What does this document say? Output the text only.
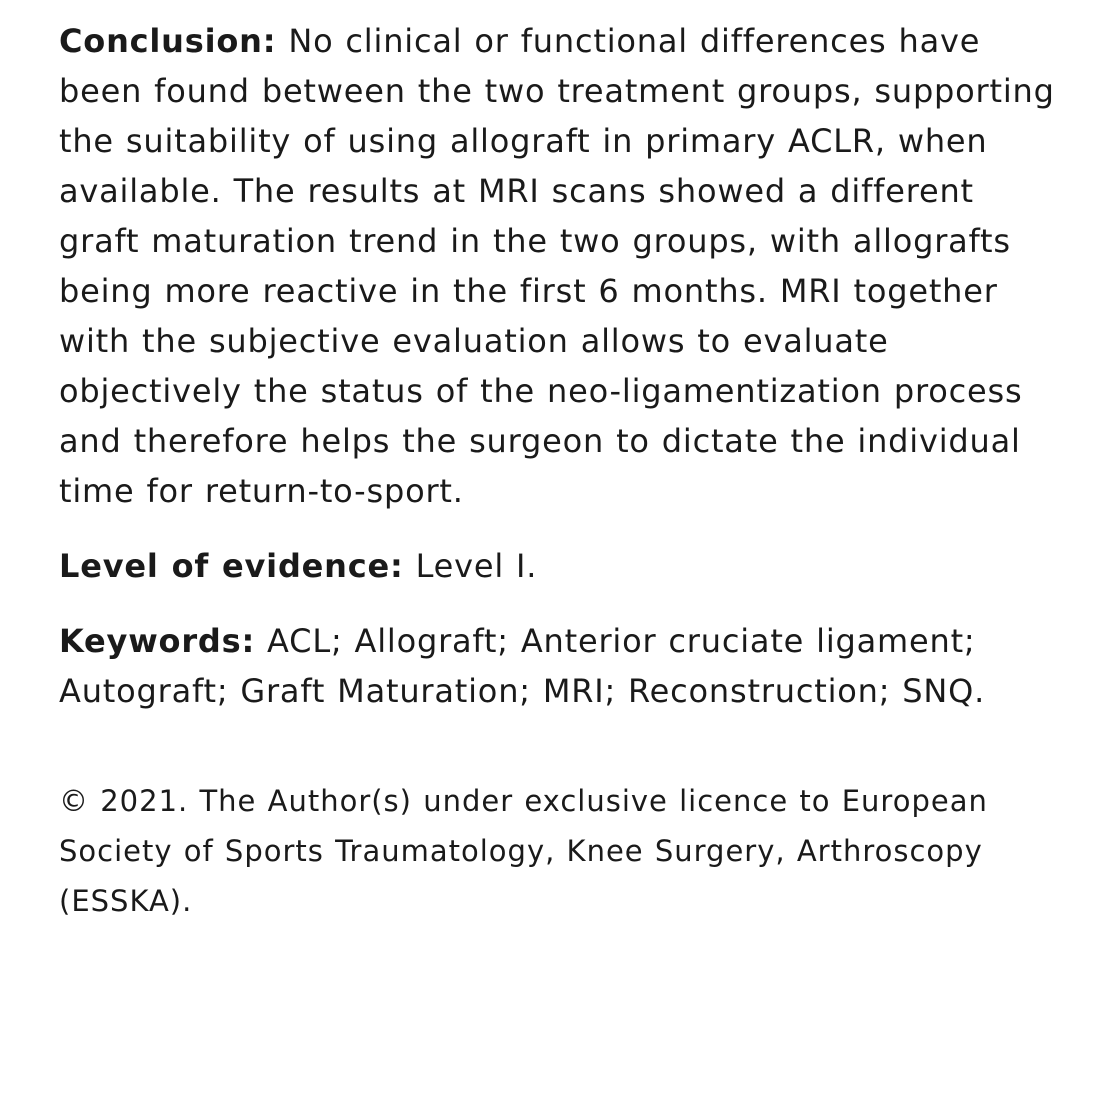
Conclusion: No clinical or functional differences have been found between the two treatment groups, supporting the suitability of using allograft in primary ACLR, when available. The results at MRI scans showed a different graft maturation trend in the two groups, with allografts being more reactive in the first 6 months. MRI together with the subjective evaluation allows to evaluate objectively the status of the neo-ligamentization process and therefore helps the surgeon to dictate the individual time for return-to-sport.

Level of evidence: Level I.

Keywords: ACL; Allograft; Anterior cruciate ligament; Autograft; Graft Maturation; MRI; Reconstruction; SNQ.

© 2021. The Author(s) under exclusive licence to European Society of Sports Traumatology, Knee Surgery, Arthroscopy (ESSKA).
